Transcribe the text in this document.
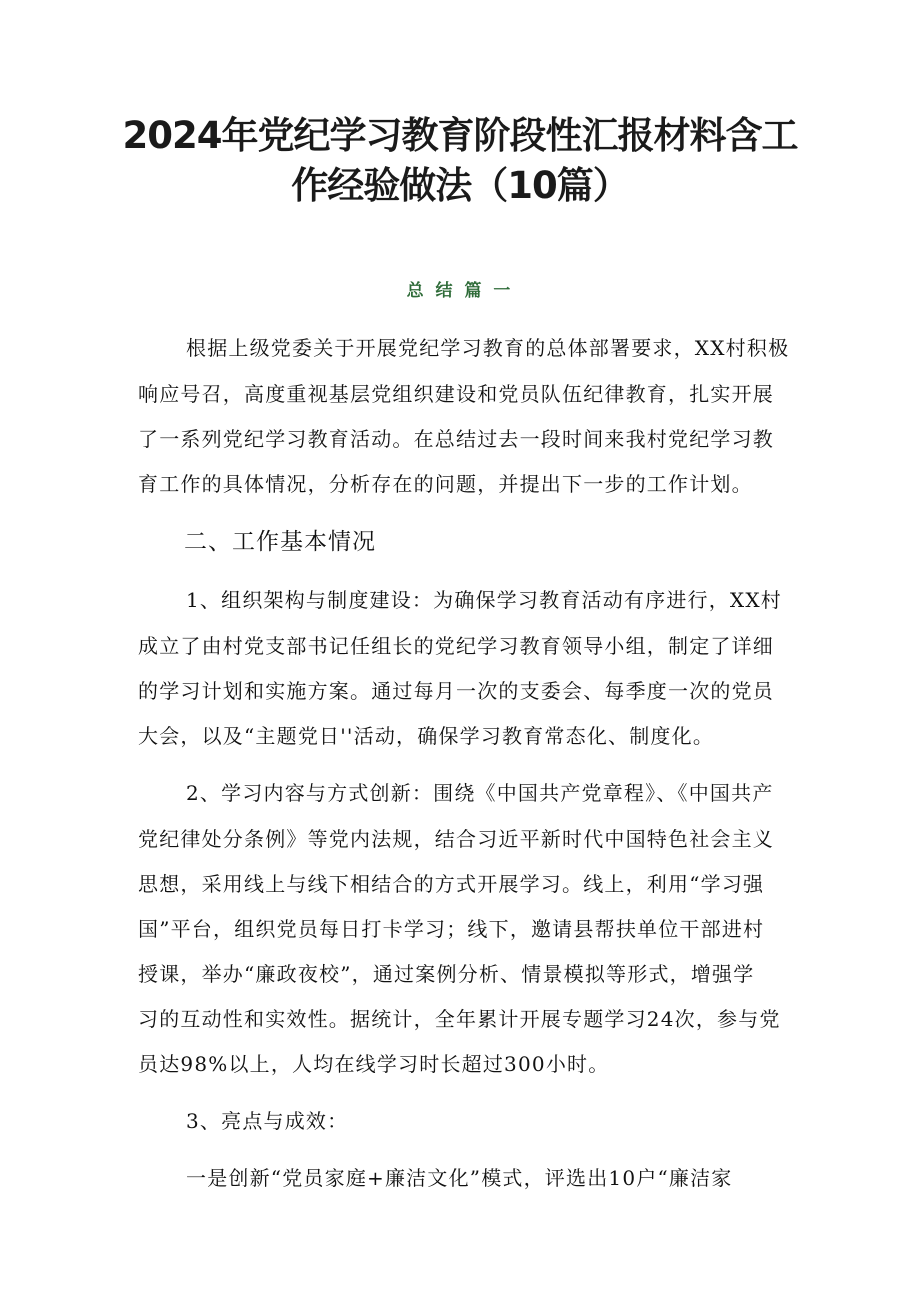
2024年党纪学习教育阶段性汇报材料含工
作经验做法（10篇）
总 结 篇 一
根据上级党委关于开展党纪学习教育的总体部署要求，XX村积极
响应号召，高度重视基层党组织建设和党员队伍纪律教育，扎实开展
了一系列党纪学习教育活动。在总结过去一段时间来我村党纪学习教
育工作的具体情况，分析存在的问题，并提出下一步的工作计划。
二、工作基本情况
1、组织架构与制度建设：为确保学习教育活动有序进行，XX村
成立了由村党支部书记任组长的党纪学习教育领导小组，制定了详细
的学习计划和实施方案。通过每月一次的支委会、每季度一次的党员
大会，以及“主题党日''活动，确保学习教育常态化、制度化。
2、学习内容与方式创新：围绕《中国共产党章程》、《中国共产
党纪律处分条例》等党内法规，结合习近平新时代中国特色社会主义
思想，采用线上与线下相结合的方式开展学习。线上，利用“学习强
国”平台，组织党员每日打卡学习；线下，邀请县帮扶单位干部进村
授课，举办“廉政夜校”，通过案例分析、情景模拟等形式，增强学
习的互动性和实效性。据统计，全年累计开展专题学习24次，参与党
员达98%以上，人均在线学习时长超过300小时。
3、亮点与成效：
一是创新“党员家庭+廉洁文化”模式，评选出10户“廉洁家
